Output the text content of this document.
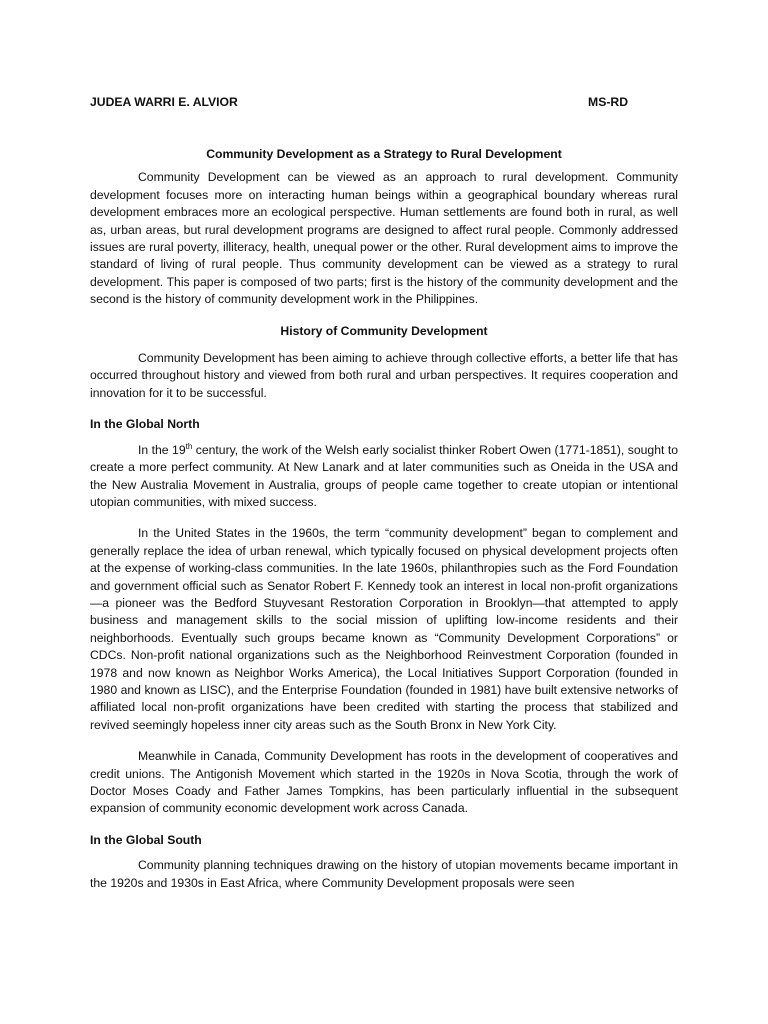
JUDEA WARRI E. ALVIOR	MS-RD
Community Development as a Strategy to Rural Development

Community Development can be viewed as an approach to rural development. Community development focuses more on interacting human beings within a geographical boundary whereas rural development embraces more an ecological perspective. Human settlements are found both in rural, as well as, urban areas, but rural development programs are designed to affect rural people. Commonly addressed issues are rural poverty, illiteracy, health, unequal power or the other. Rural development aims to improve the standard of living of rural people. Thus community development can be viewed as a strategy to rural development. This paper is composed of two parts; first is the history of the community development and the second is the history of community development work in the Philippines.

History of Community Development

Community Development has been aiming to achieve through collective efforts, a better life that has occurred throughout history and viewed from both rural and urban perspectives. It requires cooperation and innovation for it to be successful.

In the Global North

In the 19th century, the work of the Welsh early socialist thinker Robert Owen (1771-1851), sought to create a more perfect community. At New Lanark and at later communities such as Oneida in the USA and the New Australia Movement in Australia, groups of people came together to create utopian or intentional utopian communities, with mixed success.

In the United States in the 1960s, the term “community development” began to complement and generally replace the idea of urban renewal, which typically focused on physical development projects often at the expense of working-class communities. In the late 1960s, philanthropies such as the Ford Foundation and government official such as Senator Robert F. Kennedy took an interest in local non-profit organizations—a pioneer was the Bedford Stuyvesant Restoration Corporation in Brooklyn—that attempted to apply business and management skills to the social mission of uplifting low-income residents and their neighborhoods. Eventually such groups became known as “Community Development Corporations” or CDCs. Non-profit national organizations such as the Neighborhood Reinvestment Corporation (founded in 1978 and now known as Neighbor Works America), the Local Initiatives Support Corporation (founded in 1980 and known as LISC), and the Enterprise Foundation (founded in 1981) have built extensive networks of affiliated local non-profit organizations have been credited with starting the process that stabilized and revived seemingly hopeless inner city areas such as the South Bronx in New York City.

Meanwhile in Canada, Community Development has roots in the development of cooperatives and credit unions. The Antigonish Movement which started in the 1920s in Nova Scotia, through the work of Doctor Moses Coady and Father James Tompkins, has been particularly influential in the subsequent expansion of community economic development work across Canada.

In the Global South

Community planning techniques drawing on the history of utopian movements became important in the 1920s and 1930s in East Africa, where Community Development proposals were seen
